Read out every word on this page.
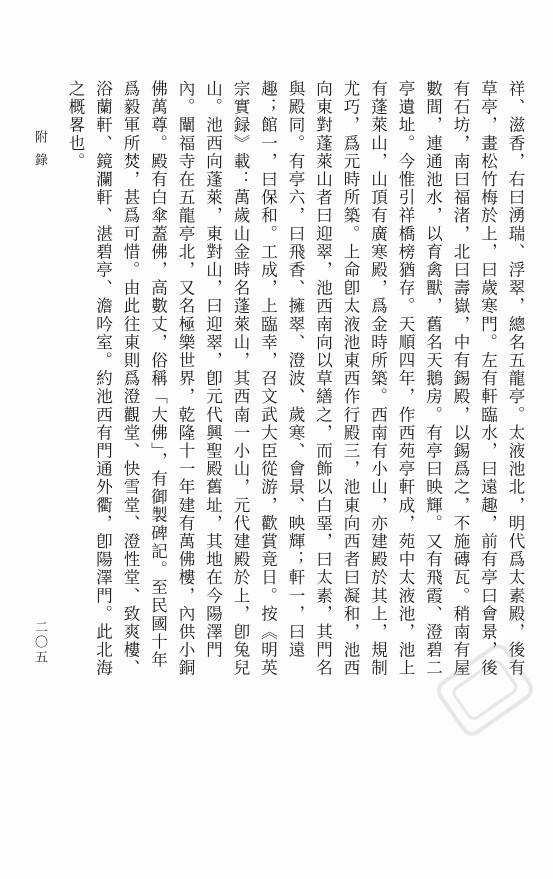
祥、滋香，右曰湧瑞、浮翠，總名五龍亭。太液池北，明代爲太素殿，後有草亭，畫松竹梅於上，曰歲寒門。左有軒臨水，曰遠趣，前有亭曰會景，後有石坊，南曰福渚，北曰壽嶽，中有錫殿，以錫爲之，不施磚瓦。稍南有屋數間，連通池水，以育禽獸，舊名天鵝房。有亭曰映輝。又有飛霞、澄碧二亭遺址。今惟引祥橋榜猶存。天順四年，作西苑亭軒成，苑中太液池，池上有蓬萊山，山頂有廣寒殿，爲金時所築。西南有小山，亦建殿於其上，規制尤巧，爲元時所築。上命卽太液池東西作行殿三，池東向西者曰凝和，池西向東對蓬萊山者曰迎翠，池西南向以草繕之，而飾以白堊，曰太素，其門名與殿同。有亭六，曰飛香、擁翠、澄波、歲寒、會景、映輝；軒一，曰遠趣；館一，曰保和。工成，上臨幸，召文武大臣從游，歡賞竟日。按《明英宗實録》載：萬歲山金時名蓬萊山，其西南一小山，元代建殿於上，卽兔兒山。池西向蓬萊，東對山，曰迎翠，卽元代興聖殿舊址，其地在今陽澤門內。闡福寺在五龍亭北，又名極樂世界，乾隆十一年建有萬佛樓，內供小銅佛萬尊。殿有白傘蓋佛，高數丈，俗稱「大佛」，有御製碑記。至民國十年爲毅軍所焚，甚爲可惜。由此往東則爲澄觀堂、快雪堂、澄性堂、致爽樓、浴蘭軒、鏡瀾軒、湛碧亭、澹吟室。約池西有門通外衢，卽陽澤門。此北海之概畧也。
附錄
二〇五
